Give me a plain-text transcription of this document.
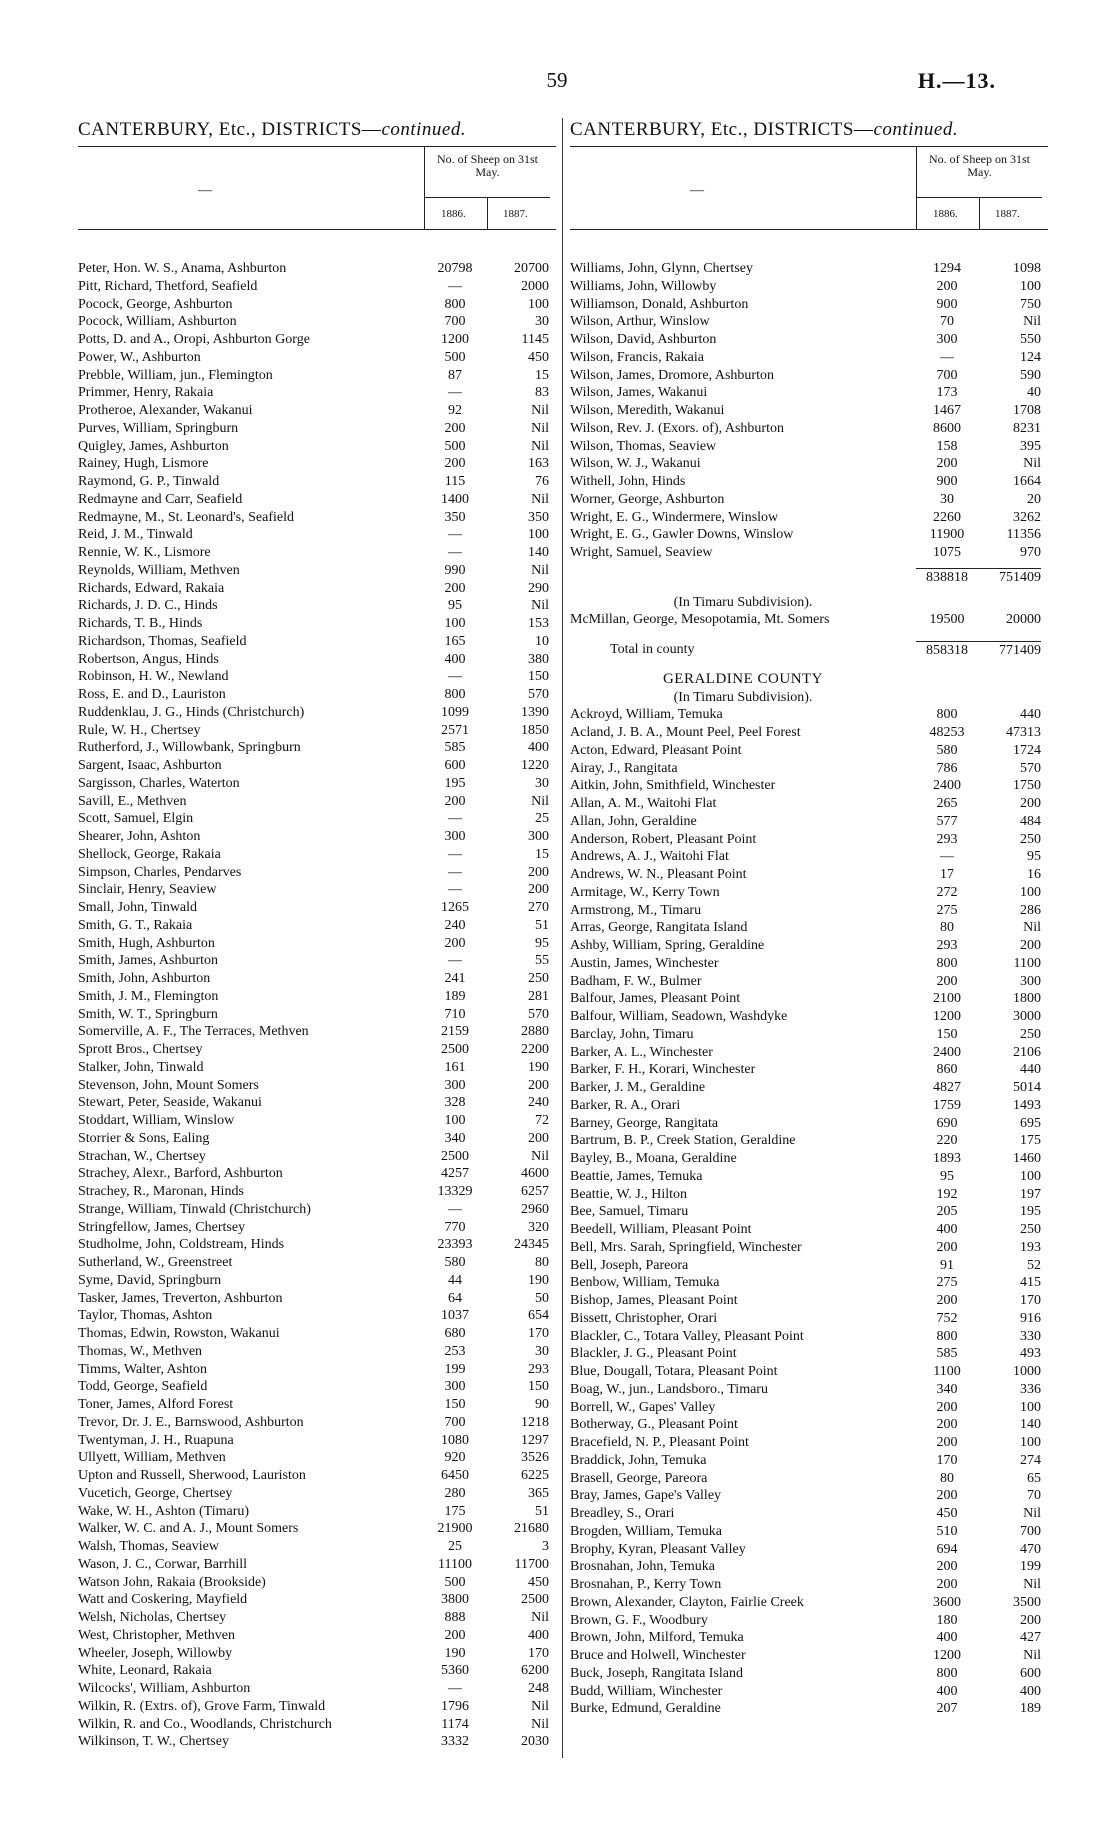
59	H.—13.
CANTERBURY, Etc., DISTRICTS—continued.
—
No. of Sheep on 31st May.
1886.	1887.
Peter, Hon. W. S., Anama, Ashburton	20798	20700
Pitt, Richard, Thetford, Seafield	—	2000
Pocock, George, Ashburton	800	100
Pocock, William, Ashburton	700	30
Potts, D. and A., Oropi, Ashburton Gorge	1200	1145
Power, W., Ashburton	500	450
Prebble, William, jun., Flemington	87	15
Primmer, Henry, Rakaia	—	83
Protheroe, Alexander, Wakanui	92	Nil
Purves, William, Springburn	200	Nil
Quigley, James, Ashburton	500	Nil
Rainey, Hugh, Lismore	200	163
Raymond, G. P., Tinwald	115	76
Redmayne and Carr, Seafield	1400	Nil
Redmayne, M., St. Leonard's, Seafield	350	350
Reid, J. M., Tinwald	—	100
Rennie, W. K., Lismore	—	140
Reynolds, William, Methven	990	Nil
Richards, Edward, Rakaia	200	290
Richards, J. D. C., Hinds	95	Nil
Richards, T. B., Hinds	100	153
Richardson, Thomas, Seafield	165	10
Robertson, Angus, Hinds	400	380
Robinson, H. W., Newland	—	150
Ross, E. and D., Lauriston	800	570
Ruddenklau, J. G., Hinds (Christchurch)	1099	1390
Rule, W. H., Chertsey	2571	1850
Rutherford, J., Willowbank, Springburn	585	400
Sargent, Isaac, Ashburton	600	1220
Sargisson, Charles, Waterton	195	30
Savill, E., Methven	200	Nil
Scott, Samuel, Elgin	—	25
Shearer, John, Ashton	300	300
Shellock, George, Rakaia	—	15
Simpson, Charles, Pendarves	—	200
Sinclair, Henry, Seaview	—	200
Small, John, Tinwald	1265	270
Smith, G. T., Rakaia	240	51
Smith, Hugh, Ashburton	200	95
Smith, James, Ashburton	—	55
Smith, John, Ashburton	241	250
Smith, J. M., Flemington	189	281
Smith, W. T., Springburn	710	570
Somerville, A. F., The Terraces, Methven	2159	2880
Sprott Bros., Chertsey	2500	2200
Stalker, John, Tinwald	161	190
Stevenson, John, Mount Somers	300	200
Stewart, Peter, Seaside, Wakanui	328	240
Stoddart, William, Winslow	100	72
Storrier & Sons, Ealing	340	200
Strachan, W., Chertsey	2500	Nil
Strachey, Alexr., Barford, Ashburton	4257	4600
Strachey, R., Maronan, Hinds	13329	6257
Strange, William, Tinwald (Christchurch)	—	2960
Stringfellow, James, Chertsey	770	320
Studholme, John, Coldstream, Hinds	23393	24345
Sutherland, W., Greenstreet	580	80
Syme, David, Springburn	44	190
Tasker, James, Treverton, Ashburton	64	50
Taylor, Thomas, Ashton	1037	654
Thomas, Edwin, Rowston, Wakanui	680	170
Thomas, W., Methven	253	30
Timms, Walter, Ashton	199	293
Todd, George, Seafield	300	150
Toner, James, Alford Forest	150	90
Trevor, Dr. J. E., Barnswood, Ashburton	700	1218
Twentyman, J. H., Ruapuna	1080	1297
Ullyett, William, Methven	920	3526
Upton and Russell, Sherwood, Lauriston	6450	6225
Vucetich, George, Chertsey	280	365
Wake, W. H., Ashton (Timaru)	175	51
Walker, W. C. and A. J., Mount Somers	21900	21680
Walsh, Thomas, Seaview	25	3
Wason, J. C., Corwar, Barrhill	11100	11700
Watson John, Rakaia (Brookside)	500	450
Watt and Coskering, Mayfield	3800	2500
Welsh, Nicholas, Chertsey	888	Nil
West, Christopher, Methven	200	400
Wheeler, Joseph, Willowby	190	170
White, Leonard, Rakaia	5360	6200
Wilcocks', William, Ashburton	—	248
Wilkin, R. (Extrs. of), Grove Farm, Tinwald	1796	Nil
Wilkin, R. and Co., Woodlands, Christchurch	1174	Nil
Wilkinson, T. W., Chertsey	3332	2030
CANTERBURY, Etc., DISTRICTS—continued.
—
No. of Sheep on 31st May.
1886.	1887.
Williams, John, Glynn, Chertsey	1294	1098
Williams, John, Willowby	200	100
Williamson, Donald, Ashburton	900	750
Wilson, Arthur, Winslow	70	Nil
Wilson, David, Ashburton	300	550
Wilson, Francis, Rakaia	—	124
Wilson, James, Dromore, Ashburton	700	590
Wilson, James, Wakanui	173	40
Wilson, Meredith, Wakanui	1467	1708
Wilson, Rev. J. (Exors. of), Ashburton	8600	8231
Wilson, Thomas, Seaview	158	395
Wilson, W. J., Wakanui	200	Nil
Withell, John, Hinds	900	1664
Worner, George, Ashburton	30	20
Wright, E. G., Windermere, Winslow	2260	3262
Wright, E. G., Gawler Downs, Winslow	11900	11356
Wright, Samuel, Seaview	1075	970
838818	751409
(In Timaru Subdivision).
McMillan, George, Mesopotamia, Mt. Somers	19500	20000
Total in county	858318	771409
GERALDINE COUNTY
(In Timaru Subdivision).
Ackroyd, William, Temuka	800	440
Acland, J. B. A., Mount Peel, Peel Forest	48253	47313
Acton, Edward, Pleasant Point	580	1724
Airay, J., Rangitata	786	570
Aitkin, John, Smithfield, Winchester	2400	1750
Allan, A. M., Waitohi Flat	265	200
Allan, John, Geraldine	577	484
Anderson, Robert, Pleasant Point	293	250
Andrews, A. J., Waitohi Flat	—	95
Andrews, W. N., Pleasant Point	17	16
Armitage, W., Kerry Town	272	100
Armstrong, M., Timaru	275	286
Arras, George, Rangitata Island	80	Nil
Ashby, William, Spring, Geraldine	293	200
Austin, James, Winchester	800	1100
Badham, F. W., Bulmer	200	300
Balfour, James, Pleasant Point	2100	1800
Balfour, William, Seadown, Washdyke	1200	3000
Barclay, John, Timaru	150	250
Barker, A. L., Winchester	2400	2106
Barker, F. H., Korari, Winchester	860	440
Barker, J. M., Geraldine	4827	5014
Barker, R. A., Orari	1759	1493
Barney, George, Rangitata	690	695
Bartrum, B. P., Creek Station, Geraldine	220	175
Bayley, B., Moana, Geraldine	1893	1460
Beattie, James, Temuka	95	100
Beattie, W. J., Hilton	192	197
Bee, Samuel, Timaru	205	195
Beedell, William, Pleasant Point	400	250
Bell, Mrs. Sarah, Springfield, Winchester	200	193
Bell, Joseph, Pareora	91	52
Benbow, William, Temuka	275	415
Bishop, James, Pleasant Point	200	170
Bissett, Christopher, Orari	752	916
Blackler, C., Totara Valley, Pleasant Point	800	330
Blackler, J. G., Pleasant Point	585	493
Blue, Dougall, Totara, Pleasant Point	1100	1000
Boag, W., jun., Landsboro., Timaru	340	336
Borrell, W., Gapes' Valley	200	100
Botherway, G., Pleasant Point	200	140
Bracefield, N. P., Pleasant Point	200	100
Braddick, John, Temuka	170	274
Brasell, George, Pareora	80	65
Bray, James, Gape's Valley	200	70
Breadley, S., Orari	450	Nil
Brogden, William, Temuka	510	700
Brophy, Kyran, Pleasant Valley	694	470
Brosnahan, John, Temuka	200	199
Brosnahan, P., Kerry Town	200	Nil
Brown, Alexander, Clayton, Fairlie Creek	3600	3500
Brown, G. F., Woodbury	180	200
Brown, John, Milford, Temuka	400	427
Bruce and Holwell, Winchester	1200	Nil
Buck, Joseph, Rangitata Island	800	600
Budd, William, Winchester	400	400
Burke, Edmund, Geraldine	207	189
